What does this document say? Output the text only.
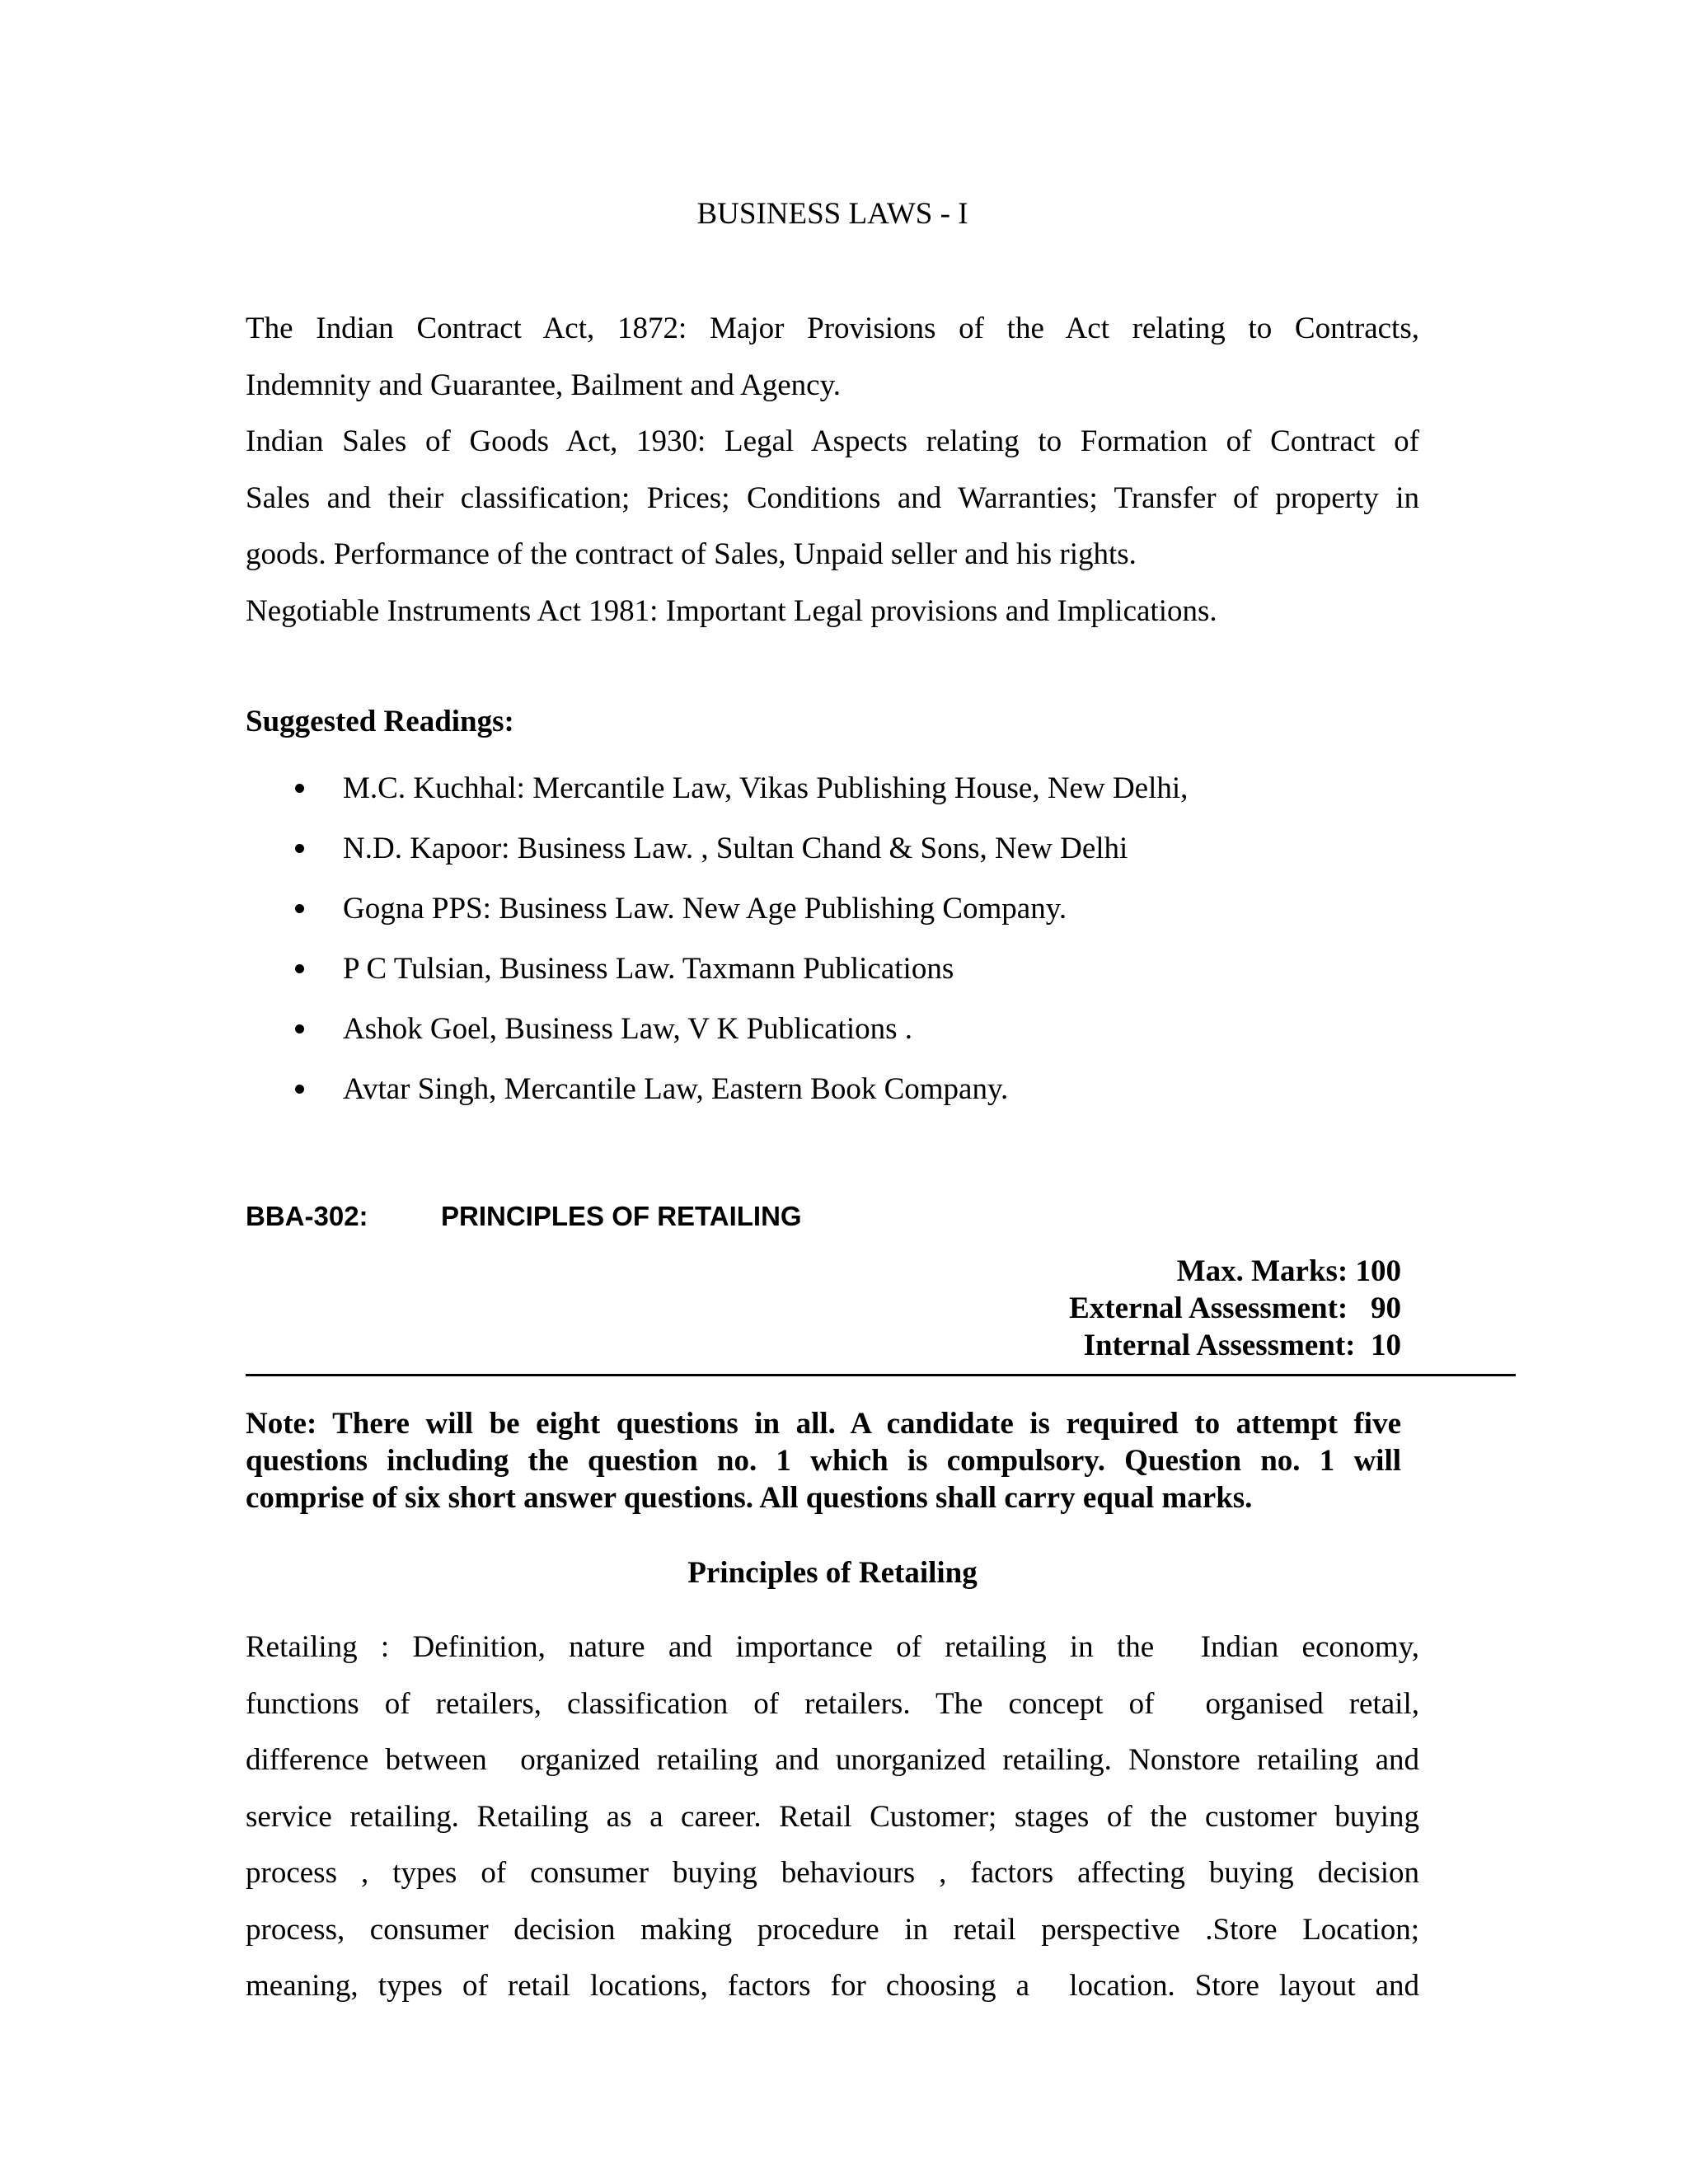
BUSINESS LAWS - I
The Indian Contract Act, 1872: Major Provisions of the Act relating to Contracts,
Indemnity and Guarantee, Bailment and Agency.
Indian Sales of Goods Act, 1930: Legal Aspects relating to Formation of Contract of
Sales and their classification; Prices; Conditions and Warranties; Transfer of property in
goods. Performance of the contract of Sales, Unpaid seller and his rights.
Negotiable Instruments Act 1981: Important Legal provisions and Implications.
Suggested Readings:
M.C. Kuchhal: Mercantile Law, Vikas Publishing House, New Delhi,
N.D. Kapoor: Business Law. , Sultan Chand & Sons, New Delhi
Gogna PPS: Business Law. New Age Publishing Company.
P C Tulsian, Business Law. Taxmann Publications
Ashok Goel, Business Law, V K Publications .
Avtar Singh, Mercantile Law, Eastern Book Company.
BBA-302:	PRINCIPLES OF RETAILING
Max. Marks: 100
External Assessment:   90
Internal Assessment:  10
Note: There will be eight questions in all. A candidate is required to attempt five
questions including the question no. 1 which is compulsory. Question no. 1 will
comprise of six short answer questions. All questions shall carry equal marks.
Principles of Retailing
Retailing : Definition, nature and importance of retailing in the  Indian economy,
functions of retailers, classification of retailers. The concept of  organised retail,
difference between  organized retailing and unorganized retailing. Nonstore retailing and
service retailing. Retailing as a career. Retail Customer; stages of the customer buying
process , types of consumer buying behaviours , factors affecting buying decision
process, consumer decision making procedure in retail perspective .Store Location;
meaning, types of retail locations, factors for choosing a  location. Store layout and
